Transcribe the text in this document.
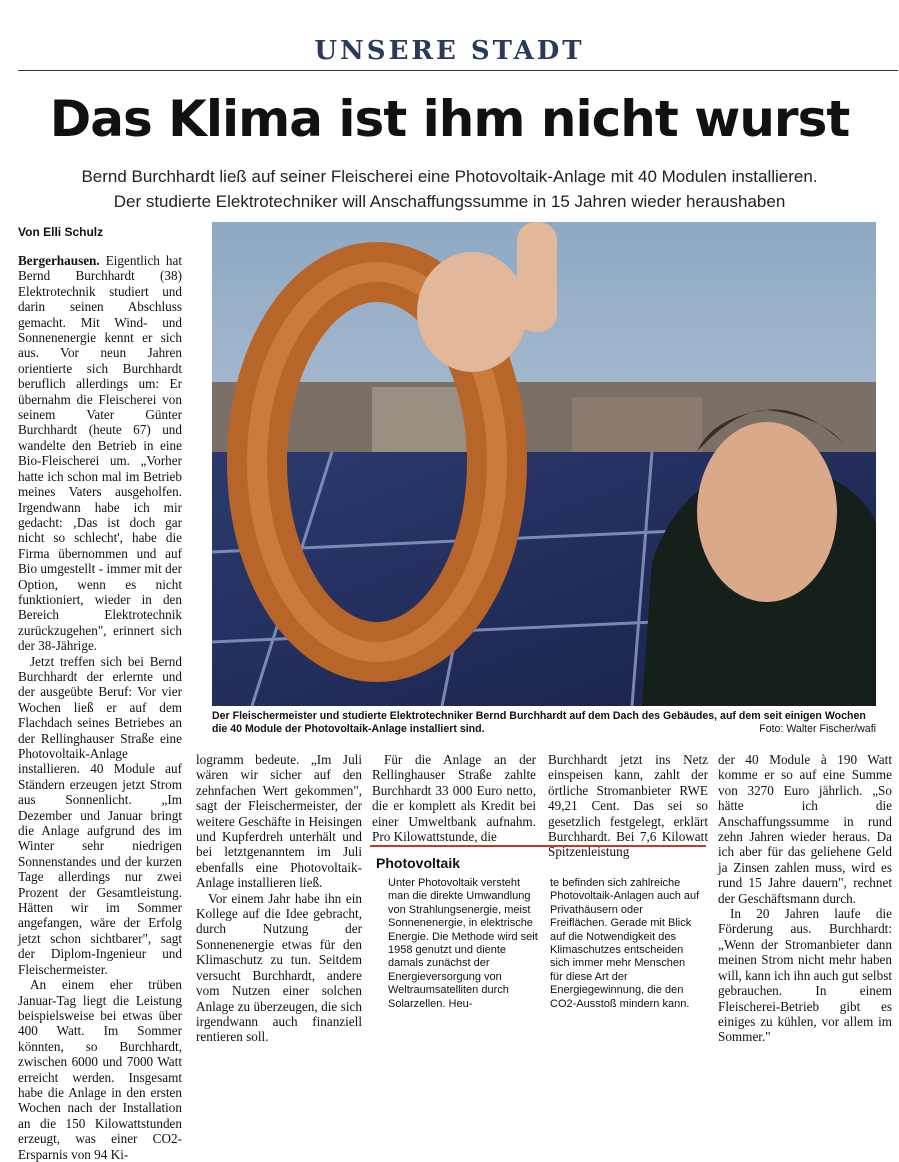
UNSERE STADT
Das Klima ist ihm nicht wurst
Bernd Burchhardt ließ auf seiner Fleischerei eine Photovoltaik-Anlage mit 40 Modulen installieren.
Der studierte Elektrotechniker will Anschaffungssumme in 15 Jahren wieder heraushaben
Von Elli Schulz

Bergerhausen. Eigentlich hat Bernd Burchhardt (38) Elektrotechnik studiert und darin seinen Abschluss gemacht. Mit Wind- und Sonnenenergie kennt er sich aus. Vor neun Jahren orientierte sich Burchhardt beruflich allerdings um: Er übernahm die Fleischerei von seinem Vater Günter Burchhardt (heute 67) und wandelte den Betrieb in eine Bio-Fleischerei um. „Vorher hatte ich schon mal im Betrieb meines Vaters ausgeholfen. Irgendwann habe ich mir gedacht: ‚Das ist doch gar nicht so schlecht', habe die Firma übernommen und auf Bio umgestellt - immer mit der Option, wenn es nicht funktioniert, wieder in den Bereich Elektrotechnik zurückzugehen", erinnert sich der 38-Jährige.

Jetzt treffen sich bei Bernd Burchhardt der erlernte und der ausgeübte Beruf: Vor vier Wochen ließ er auf dem Flachdach seines Betriebes an der Rellinghauser Straße eine Photovoltaik-Anlage installieren. 40 Module auf Ständern erzeugen jetzt Strom aus Sonnenlicht. „Im Dezember und Januar bringt die Anlage aufgrund des im Winter sehr niedrigen Sonnenstandes und der kurzen Tage allerdings nur zwei Prozent der Gesamtleistung. Hätten wir im Sommer angefangen, wäre der Erfolg jetzt schon sichtbarer", sagt der Diplom-Ingenieur und Fleischermeister.

An einem eher trüben Januar-Tag liegt die Leistung beispielsweise bei etwas über 400 Watt. Im Sommer könnten, so Burchhardt, zwischen 6000 und 7000 Watt erreicht werden. Insgesamt habe die Anlage in den ersten Wochen nach der Installation an die 150 Kilowattstunden erzeugt, was einer CO2-Ersparnis von 94 Ki-

Der Fleischermeister und studierte Elektrotechniker Bernd Burchhardt auf dem Dach des Gebäudes, auf dem seit einigen Wochen die 40 Module der Photovoltaik-Anlage installiert sind.	Foto: Walter Fischer/wafi

logramm bedeute. „Im Juli wären wir sicher auf den zehnfachen Wert gekommen", sagt der Fleischermeister, der weitere Geschäfte in Heisingen und Kupferdreh unterhält und bei letztgenanntem im Juli ebenfalls eine Photovoltaik-Anlage installieren ließ.

Vor einem Jahr habe ihn ein Kollege auf die Idee gebracht, durch Nutzung der Sonnenenergie etwas für den Klimaschutz zu tun. Seitdem versucht Burchhardt, andere vom Nutzen einer solchen Anlage zu überzeugen, die sich irgendwann auch finanziell rentieren soll.

Für die Anlage an der Rellinghauser Straße zahlte Burchhardt 33 000 Euro netto, die er komplett als Kredit bei einer Umweltbank aufnahm. Pro Kilowattstunde, die

Burchhardt jetzt ins Netz einspeisen kann, zahlt der örtliche Stromanbieter RWE 49,21 Cent. Das sei so gesetzlich festgelegt, erklärt Burchhardt. Bei 7,6 Kilowatt Spitzenleistung

der 40 Module à 190 Watt komme er so auf eine Summe von 3270 Euro jährlich. „So hätte ich die Anschaffungssumme in rund zehn Jahren wieder heraus. Da ich aber für das geliehene Geld ja Zinsen zahlen muss, wird es rund 15 Jahre dauern", rechnet der Geschäftsmann durch.

In 20 Jahren laufe die Förderung aus. Burchhardt: „Wenn der Stromanbieter dann meinen Strom nicht mehr haben will, kann ich ihn auch gut selbst gebrauchen. In einem Fleischerei-Betrieb gibt es einiges zu kühlen, vor allem im Sommer."

Photovoltaik
Unter Photovoltaik versteht man die direkte Umwandlung von Strahlungsenergie, meist Sonnenenergie, in elektrische Energie. Die Methode wird seit 1958 genutzt und diente damals zunächst der Energieversorgung von Weltraumsatelliten durch Solarzellen. Heu-
te befinden sich zahlreiche Photovoltaik-Anlagen auch auf Privathäusern oder Freiflächen. Gerade mit Blick auf die Notwendigkeit des Klimaschutzes entscheiden sich immer mehr Menschen für diese Art der Energiegewinnung, die den CO2-Ausstoß mindern kann.
